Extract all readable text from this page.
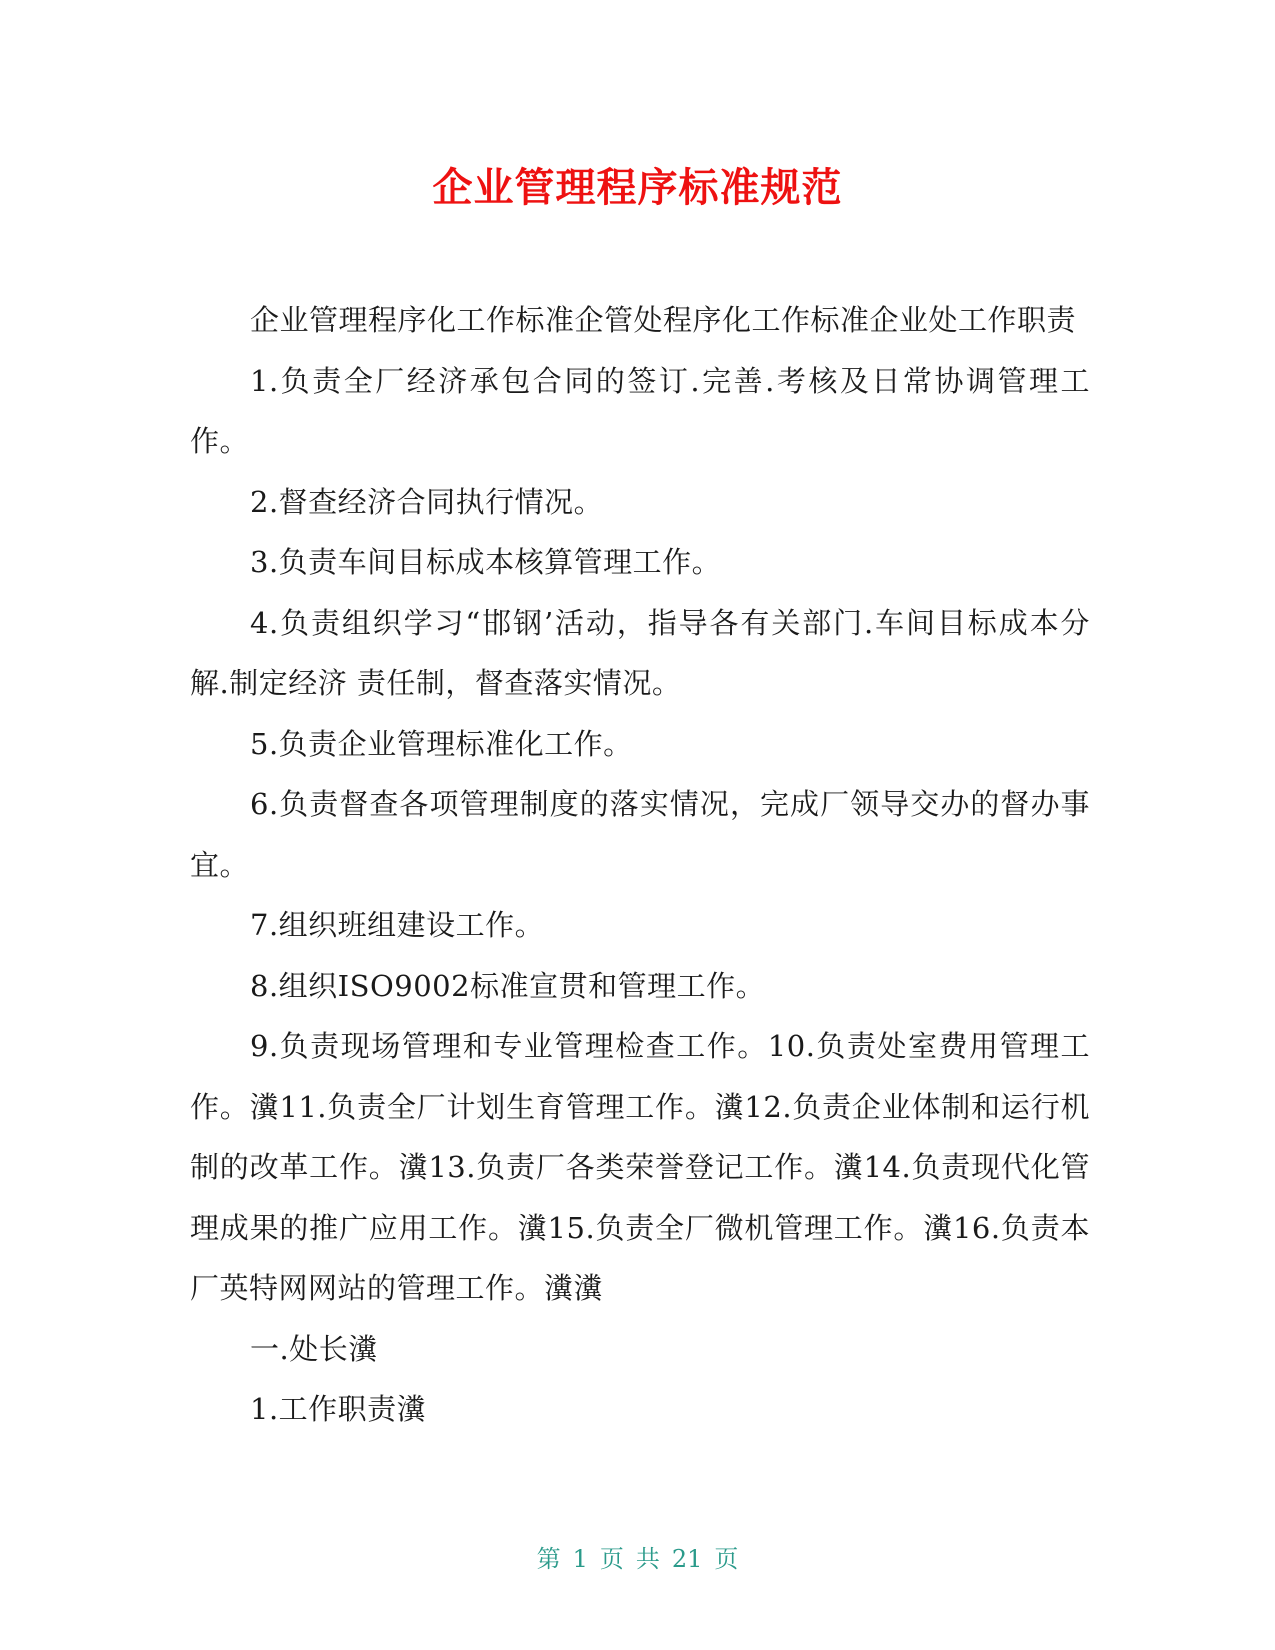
企业管理程序标准规范

企业管理程序化工作标准企管处程序化工作标准企业处工作职责

1.负责全厂经济承包合同的签订.完善.考核及日常协调管理工作。

2.督查经济合同执行情况。

3.负责车间目标成本核算管理工作。

4.负责组织学习“邯钢’活动，指导各有关部门.车间目标成本分解.制定经济 责任制，督查落实情况。

5.负责企业管理标准化工作。

6.负责督查各项管理制度的落实情况，完成厂领导交办的督办事宜。

7.组织班组建设工作。

8.组织ISO9002标准宣贯和管理工作。

9.负责现场管理和专业管理检查工作。10.负责处室费用管理工作。瀵11.负责全厂计划生育管理工作。瀵12.负责企业体制和运行机制的改革工作。瀵13.负责厂各类荣誉登记工作。瀵14.负责现代化管理成果的推广应用工作。瀵15.负责全厂微机管理工作。瀵16.负责本厂英特网网站的管理工作。瀵瀵

一.处长瀵

1.工作职责瀵

第 1 页 共 21 页
